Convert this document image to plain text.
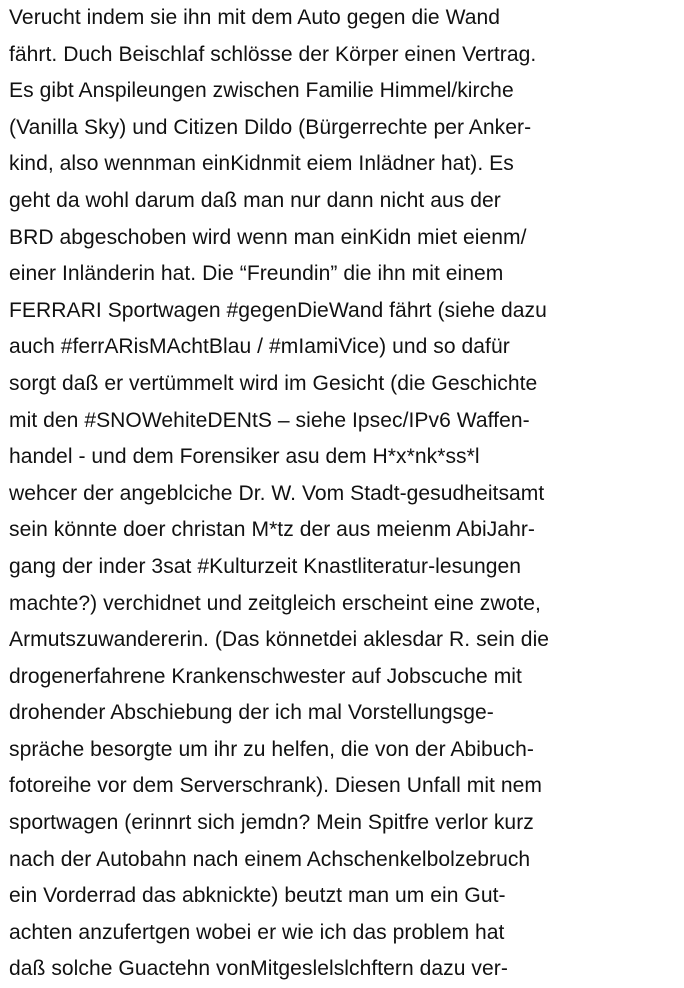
Verucht indem sie ihn mit dem Auto gegen die Wand
fährt. Duch Beischlaf schlösse der Körper einen Vertrag.
Es gibt Anspileungen zwischen Familie Himmel/kirche
(Vanilla Sky) und Citizen Dildo (Bürgerrechte per Anker-
kind, also wennman einKidnmit eiem Inlädner hat). Es
geht da wohl darum daß man nur dann nicht aus der
BRD abgeschoben wird wenn man einKidn miet eienm/
einer Inländerin hat. Die “Freundin” die ihn mit einem
FERRARI Sportwagen #gegenDieWand fährt (siehe dazu
auch #ferrARisMAchtBlau / #mIamiVice) und so dafür
sorgt daß er vertümmelt wird im Gesicht (die Geschichte
mit den #SNOWehiteDENtS – siehe Ipsec/IPv6 Waffen-
handel - und dem Forensiker asu dem H*x*nk*ss*l
wehcer der angeblciche Dr. W. Vom Stadt-gesudheitsamt
sein könnte doer christan M*tz der aus meienm AbiJahr-
gang der inder 3sat #Kulturzeit Knastliteratur-lesungen
machte?) verchidnet und zeitgleich erscheint eine zwote,
Armutszuwandererin. (Das könnetdei aklesdar R. sein die
drogenerfahrene Krankenschwester auf Jobscuche mit
drohender Abschiebung der ich mal Vorstellungsge-
spräche besorgte um ihr zu helfen, die von der Abibuch-
fotoreihe vor dem Serverschrank). Diesen Unfall mit nem
sportwagen (erinnrt sich jemdn? Mein Spitfre verlor kurz
nach der Autobahn nach einem Achschenkelbolzebruch
ein Vorderrad das abknickte) beutzt man um ein Gut-
achten anzufertgen wobei er wie ich das problem hat
daß solche Guactehn vonMitgeslelslchftern dazu ver-
